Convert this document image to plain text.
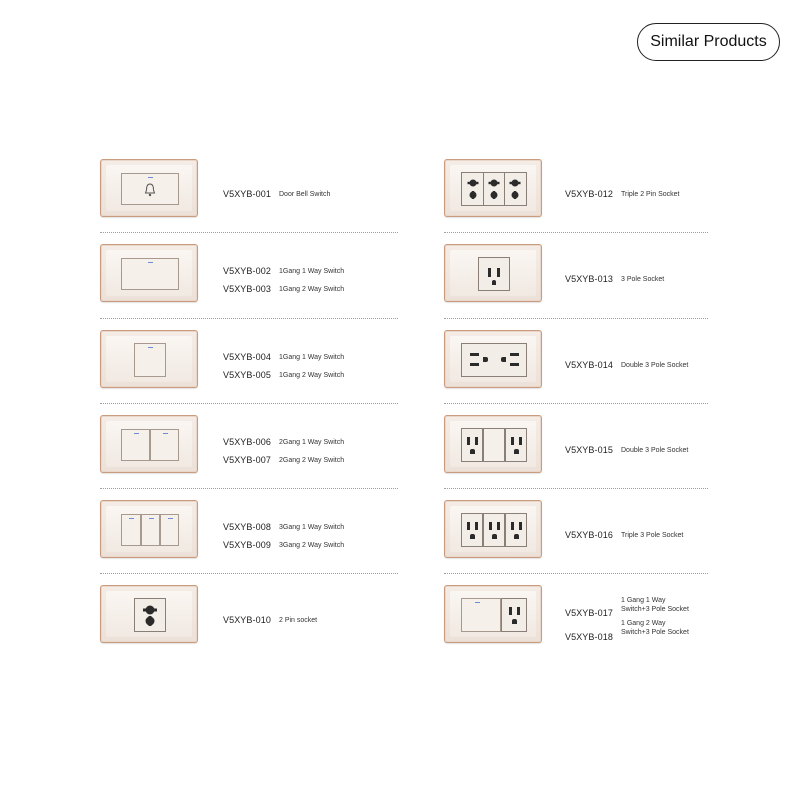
Similar Products
V5XYB-001 Door Bell Switch
V5XYB-002 1Gang 1 Way Switch
V5XYB-003 1Gang 2 Way Switch
V5XYB-004 1Gang 1 Way Switch
V5XYB-005 1Gang 2 Way Switch
V5XYB-006 2Gang 1 Way Switch
V5XYB-007 2Gang 2 Way Switch
V5XYB-008 3Gang 1 Way Switch
V5XYB-009 3Gang 2 Way Switch
V5XYB-010 2 Pin socket
V5XYB-012 Triple 2 Pin Socket
V5XYB-013 3 Pole Socket
V5XYB-014 Double 3 Pole Socket
V5XYB-015 Double 3 Pole Socket
V5XYB-016 Triple 3 Pole Socket
V5XYB-017
1 Gang 1 Way
Switch+3 Pole Socket
V5XYB-018
1 Gang 2 Way
Switch+3 Pole Socket
